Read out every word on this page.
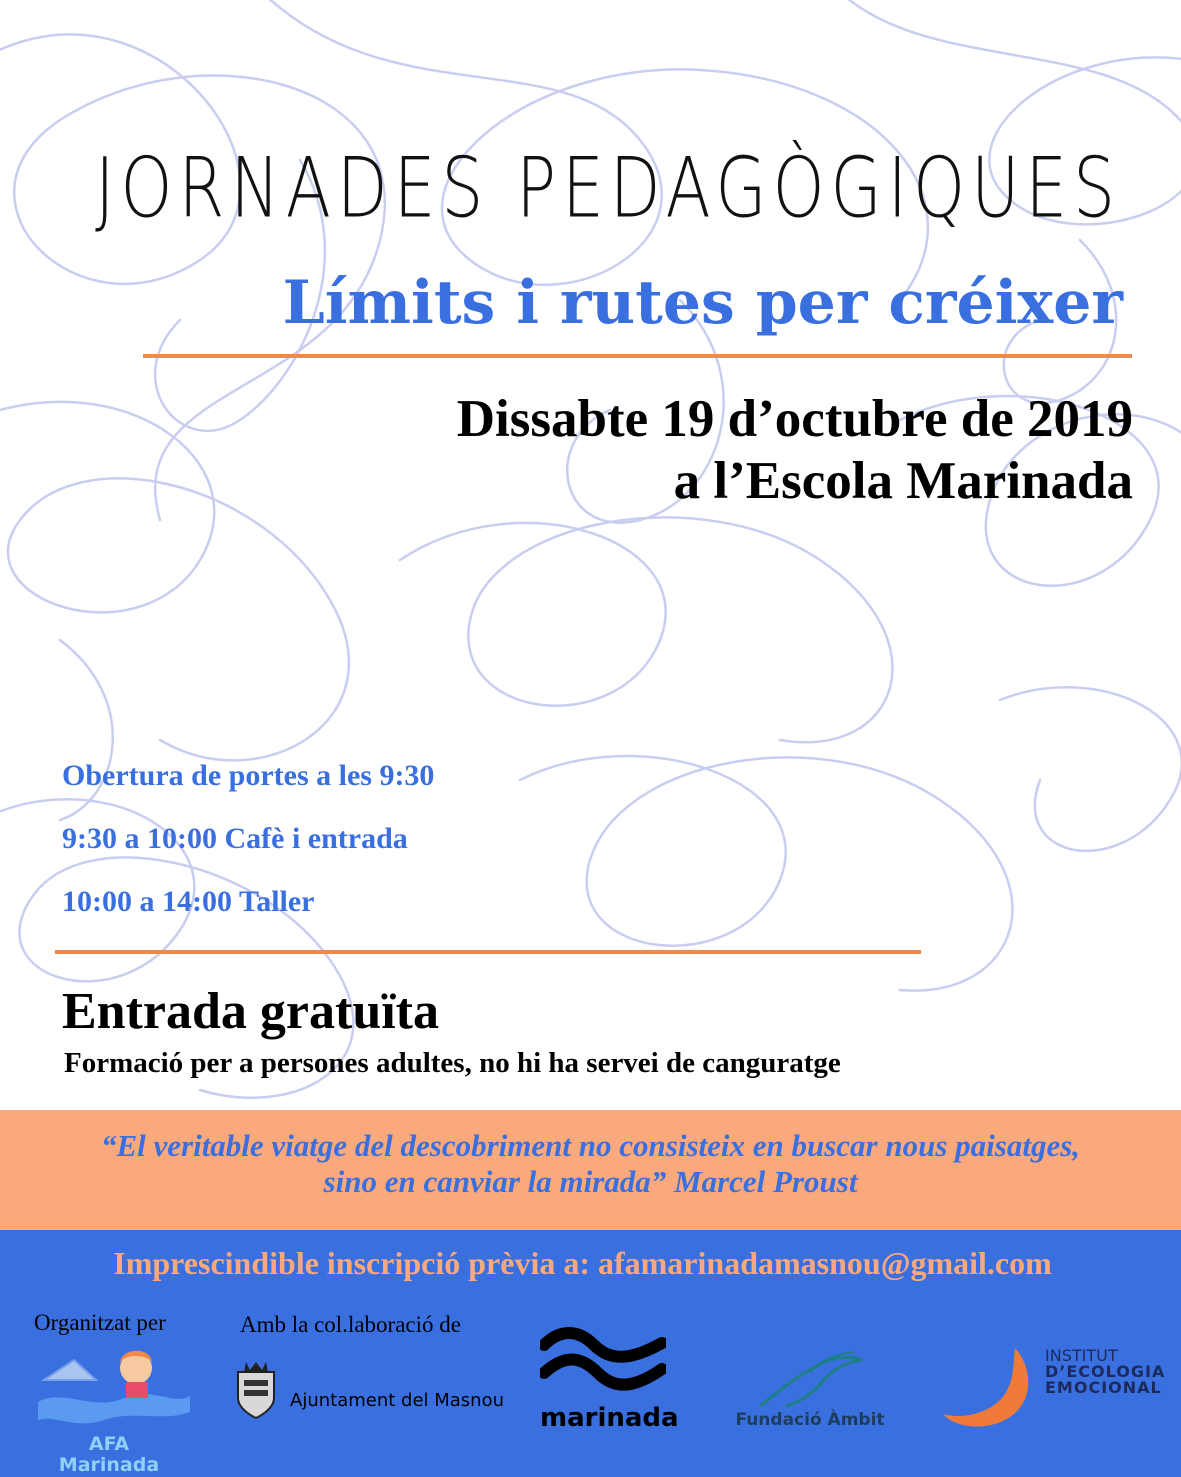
JORNADES PEDAGÒGIQUES
Límits i rutes per créixer
Dissabte 19 d’octubre de 2019
a l’Escola Marinada
Obertura de portes a les 9:30
9:30 a 10:00 Cafè i entrada
10:00 a 14:00 Taller
Entrada gratuïta
Formació per a persones adultes, no hi ha servei de canguratge
“El veritable viatge del descobriment no consisteix en buscar nous paisatges,
sino en canviar la mirada” Marcel Proust
Imprescindible inscripció prèvia a: afamarinadamasnou@gmail.com
Organitzat per	Amb la col.laboració de
AFA
Marinada
Ajuntament del Masnou
marinada	Fundació Àmbit
INSTITUT
D’ECOLOGIA
EMOCIONAL
